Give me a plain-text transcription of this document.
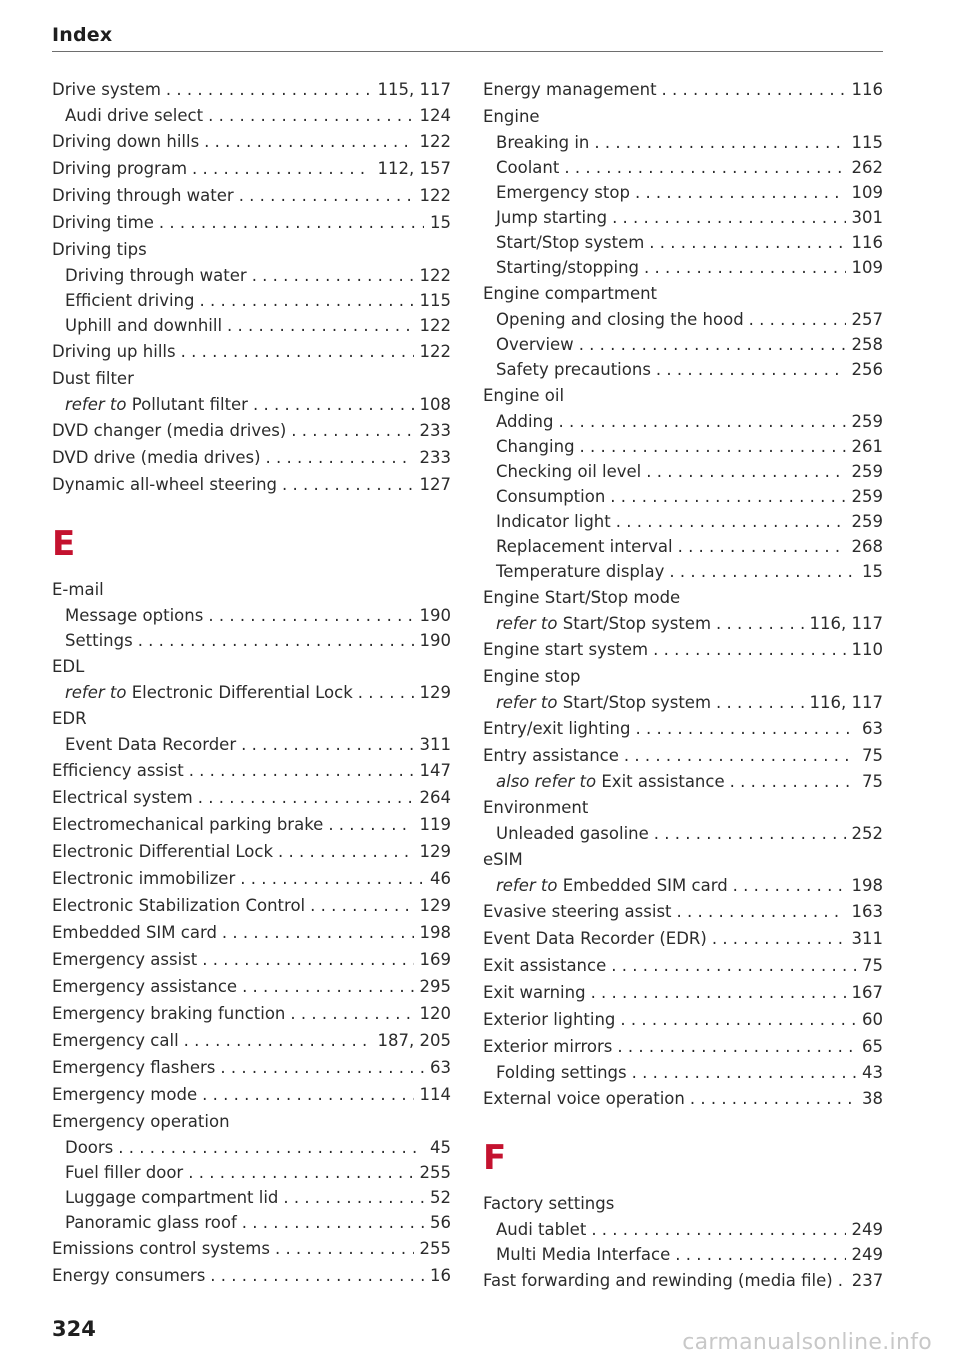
Index
Drive system . . .	115, 117
Audi drive select . . .	124
Driving down hills . . .	122
Driving program . . .	112, 157
Driving through water . . .	122
Driving time . . .	15
Driving tips
Driving through water . . .	122
Efficient driving . . .	115
Uphill and downhill . . .	122
Driving up hills . . .	122
Dust filter
refer to Pollutant filter . . .	108
DVD changer (media drives) . . .	233
DVD drive (media drives) . . .	233
Dynamic all-wheel steering . . .	127
E
E-mail
Message options . . .	190
Settings . . .	190
EDL
refer to Electronic Differential Lock . . .	129
EDR
Event Data Recorder . . .	311
Efficiency assist . . .	147
Electrical system . . .	264
Electromechanical parking brake . . .	119
Electronic Differential Lock . . .	129
Electronic immobilizer . . .	46
Electronic Stabilization Control . . .	129
Embedded SIM card . . .	198
Emergency assist . . .	169
Emergency assistance . . .	295
Emergency braking function . . .	120
Emergency call . . .	187, 205
Emergency flashers . . .	63
Emergency mode . . .	114
Emergency operation
Doors . . .	45
Fuel filler door . . .	255
Luggage compartment lid . . .	52
Panoramic glass roof . . .	56
Emissions control systems . . .	255
Energy consumers . . .	16
Energy management . . .	116
Engine
Breaking in . . .	115
Coolant . . .	262
Emergency stop . . .	109
Jump starting . . .	301
Start/Stop system . . .	116
Starting/stopping . . .	109
Engine compartment
Opening and closing the hood . . .	257
Overview . . .	258
Safety precautions . . .	256
Engine oil
Adding . . .	259
Changing . . .	261
Checking oil level . . .	259
Consumption . . .	259
Indicator light . . .	259
Replacement interval . . .	268
Temperature display . . .	15
Engine Start/Stop mode
refer to Start/Stop system . . .	116, 117
Engine start system . . .	110
Engine stop
refer to Start/Stop system . . .	116, 117
Entry/exit lighting . . .	63
Entry assistance . . .	75
also refer to Exit assistance . . .	75
Environment
Unleaded gasoline . . .	252
eSIM
refer to Embedded SIM card . . .	198
Evasive steering assist . . .	163
Event Data Recorder (EDR) . . .	311
Exit assistance . . .	75
Exit warning . . .	167
Exterior lighting . . .	60
Exterior mirrors . . .	65
Folding settings . . .	43
External voice operation . . .	38
F
Factory settings
Audi tablet . . .	249
Multi Media Interface . . .	249
Fast forwarding and rewinding (media file) . . . 237
324
carmanualsonline.info
